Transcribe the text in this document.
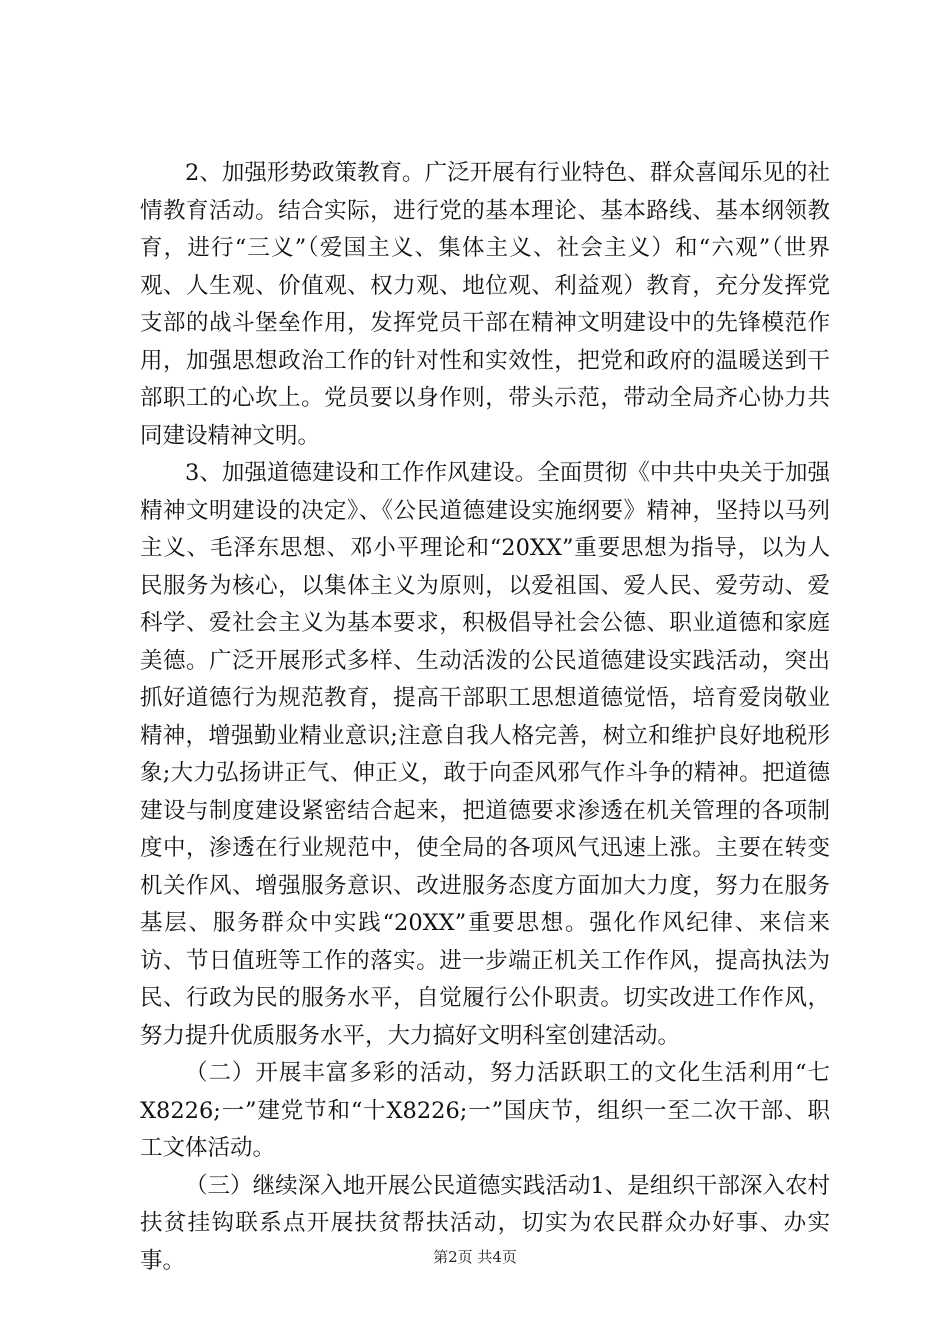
2、加强形势政策教育。广泛开展有行业特色、群众喜闻乐见的社情教育活动。结合实际，进行党的基本理论、基本路线、基本纲领教育，进行“三义”（爱国主义、集体主义、社会主义）和“六观”（世界观、人生观、价值观、权力观、地位观、利益观）教育，充分发挥党支部的战斗堡垒作用，发挥党员干部在精神文明建设中的先锋模范作用，加强思想政治工作的针对性和实效性，把党和政府的温暖送到干部职工的心坎上。党员要以身作则，带头示范，带动全局齐心协力共同建设精神文明。

3、加强道德建设和工作作风建设。全面贯彻《中共中央关于加强精神文明建设的决定》、《公民道德建设实施纲要》精神，坚持以马列主义、毛泽东思想、邓小平理论和“20XX”重要思想为指导，以为人民服务为核心，以集体主义为原则，以爱祖国、爱人民、爱劳动、爱科学、爱社会主义为基本要求，积极倡导社会公德、职业道德和家庭美德。广泛开展形式多样、生动活泼的公民道德建设实践活动，突出抓好道德行为规范教育，提高干部职工思想道德觉悟，培育爱岗敬业精神，增强勤业精业意识;注意自我人格完善，树立和维护良好地税形象;大力弘扬讲正气、伸正义，敢于向歪风邪气作斗争的精神。把道德建设与制度建设紧密结合起来，把道德要求渗透在机关管理的各项制度中，渗透在行业规范中，使全局的各项风气迅速上涨。主要在转变机关作风、增强服务意识、改进服务态度方面加大力度，努力在服务基层、服务群众中实践“20XX”重要思想。强化作风纪律、来信来访、节日值班等工作的落实。进一步端正机关工作作风，提高执法为民、行政为民的服务水平，自觉履行公仆职责。切实改进工作作风，努力提升优质服务水平，大力搞好文明科室创建活动。

（二）开展丰富多彩的活动，努力活跃职工的文化生活利用“七X8226;一”建党节和“十X8226;一”国庆节，组织一至二次干部、职工文体活动。

（三）继续深入地开展公民道德实践活动1、是组织干部深入农村扶贫挂钩联系点开展扶贫帮扶活动，切实为农民群众办好事、办实事。	第2页 共4页
